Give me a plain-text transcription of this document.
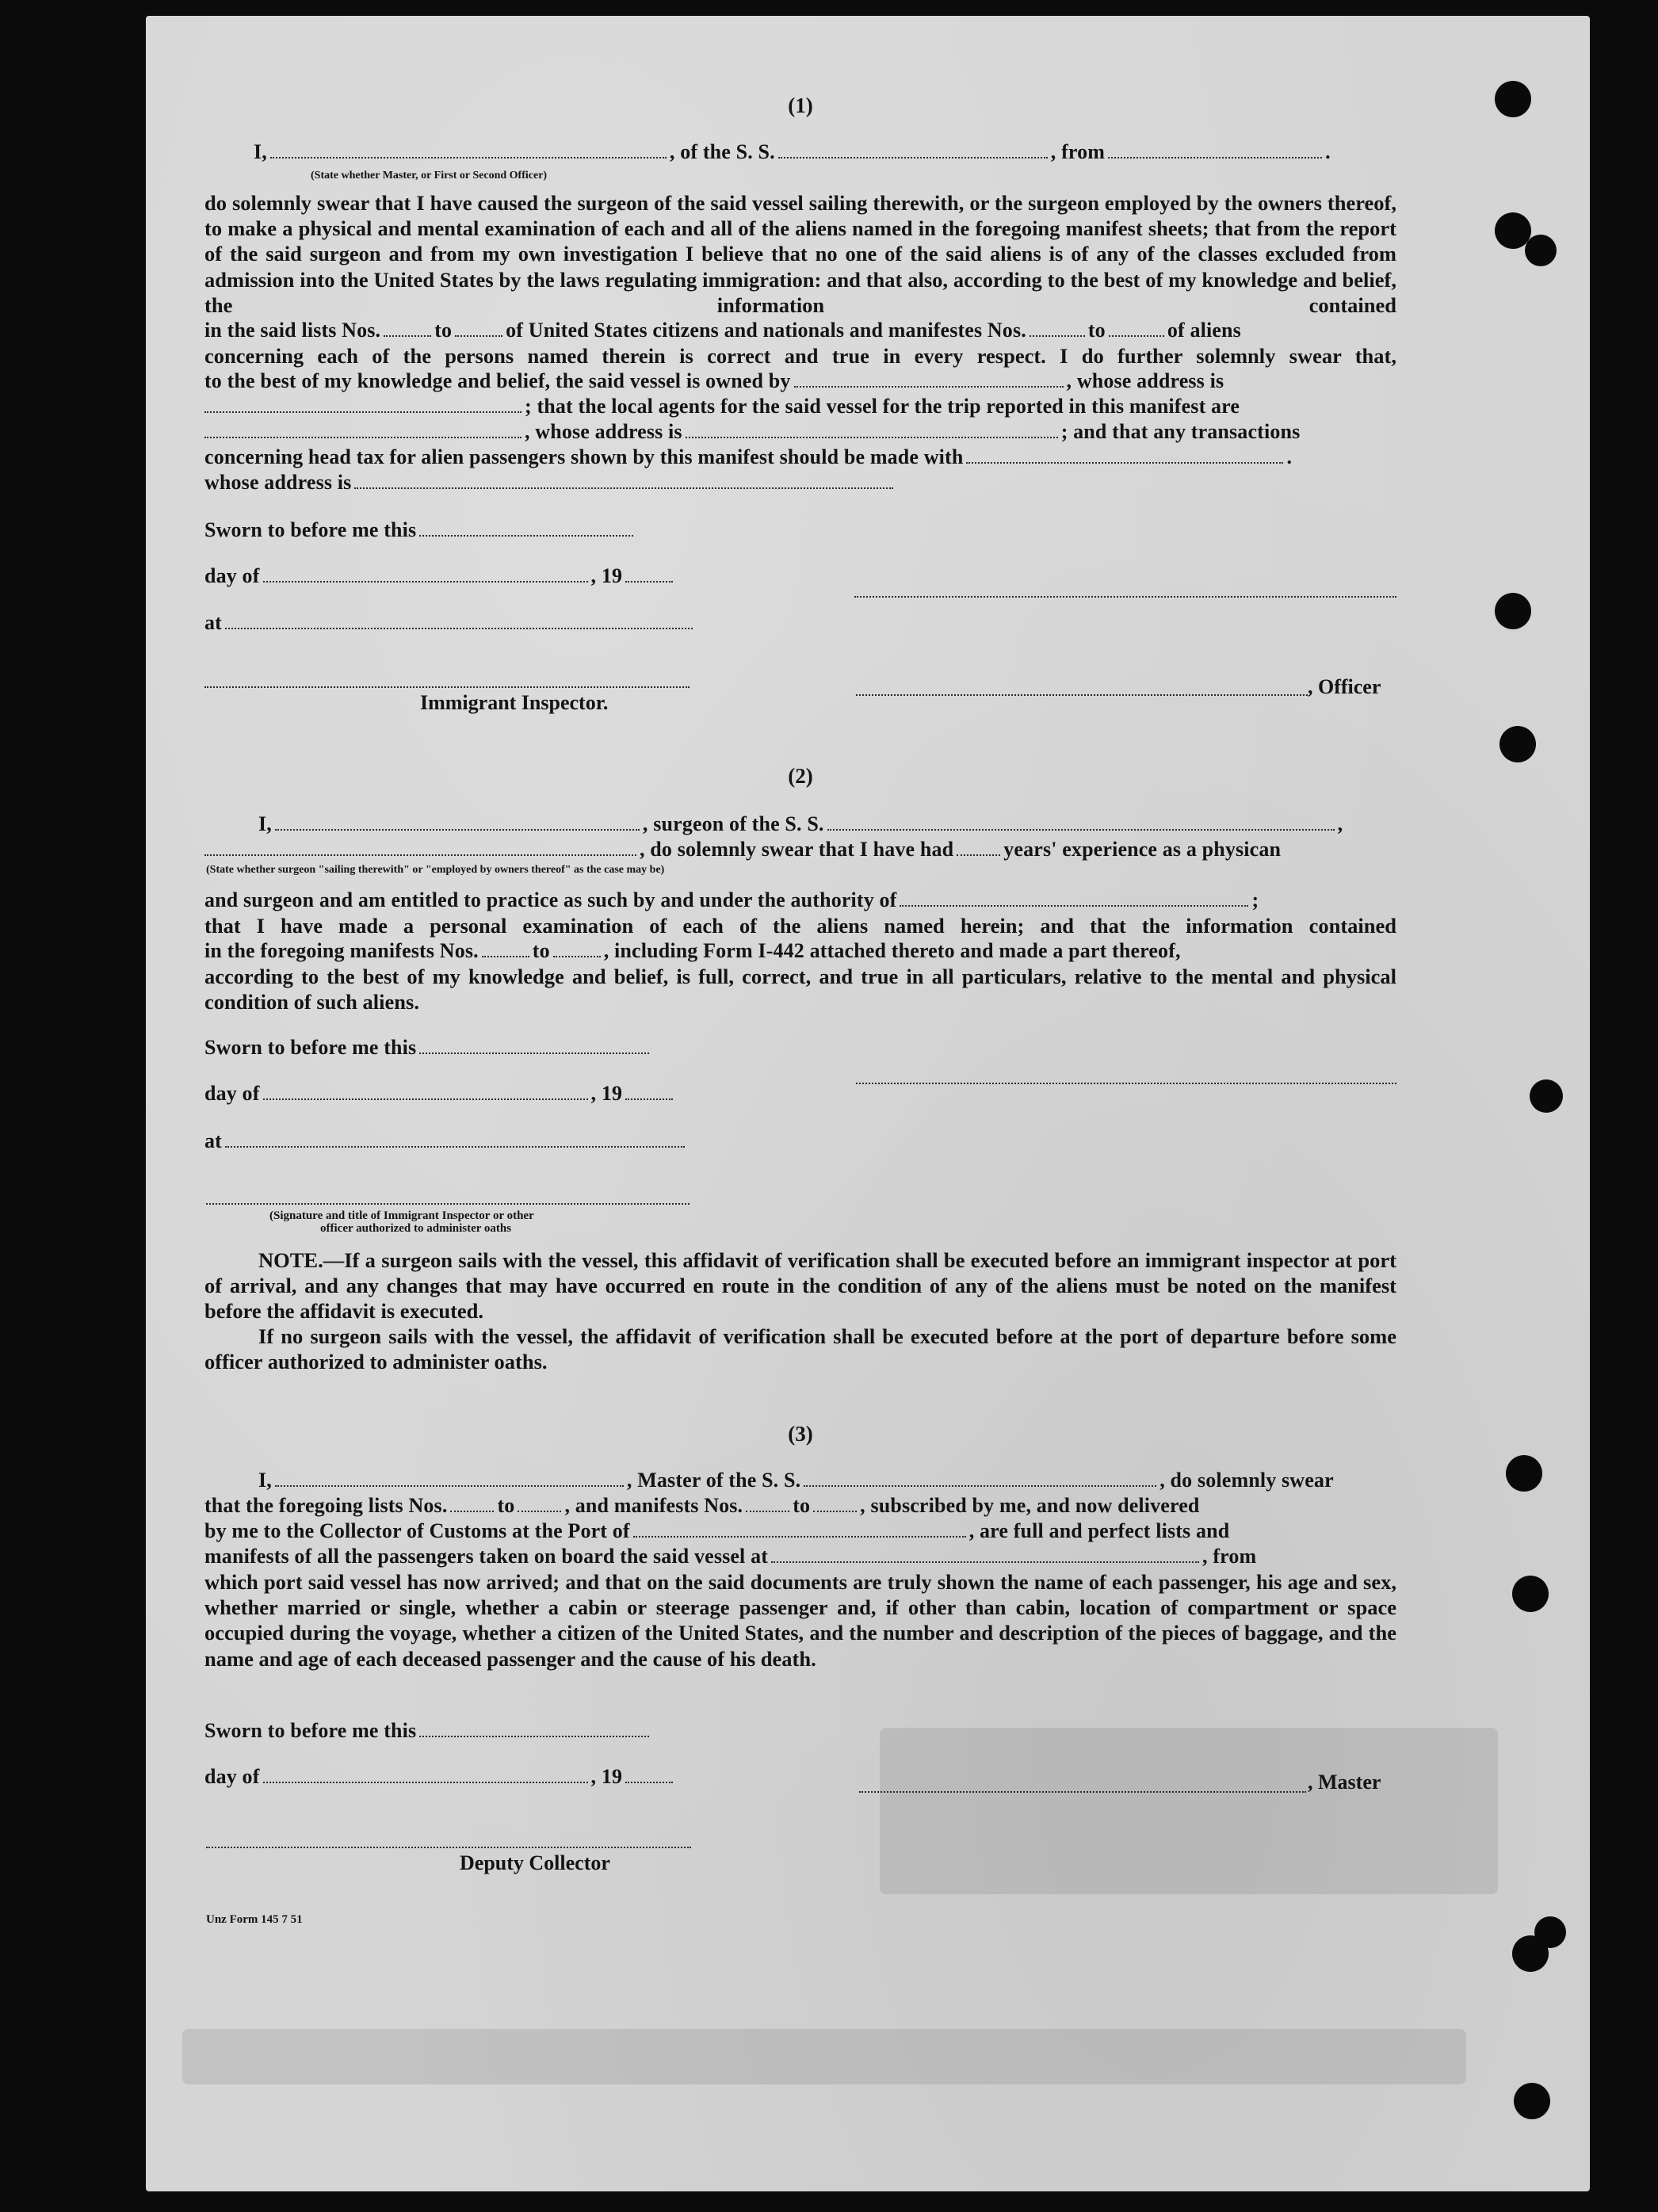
(1)
I,	, of the S. S.	, from	.
(State whether Master, or First or Second Officer)
do solemnly swear that I have caused the surgeon of the said vessel sailing therewith, or the surgeon employed by the owners thereof, to make a physical and mental examination of each and all of the aliens named in the foregoing manifest sheets; that from the report of the said surgeon and from my own investigation I believe that no one of the said aliens is of any of the classes excluded from admission into the United States by the laws regulating immigration: and that also, according to the best of my knowledge and belief, the information contained
in the said lists Nos.	to	of United States citizens and nationals and manifestes Nos.	to	of aliens
concerning each of the persons named therein is correct and true in every respect. I do further solemnly swear that,
to the best of my knowledge and belief, the said vessel is owned by	, whose address is
; that the local agents for the said vessel for the trip reported in this manifest are
, whose address is	; and that any transactions
concerning head tax for alien passengers shown by this manifest should be made with	.
whose address is
Sworn to before me this
day of	, 19
at
, Officer
Immigrant Inspector.
(2)
I,	, surgeon of the S. S.	,
, do solemnly swear that I have had years' experience as a physican
(State whether surgeon "sailing therewith" or "employed by owners thereof" as the case may be)
and surgeon and am entitled to practice as such by and under the authority of	;
that I have made a personal examination of each of the aliens named herein; and that the information contained
in the foregoing manifests Nos.	to	, including Form I-442 attached thereto and made a part thereof,
according to the best of my knowledge and belief, is full, correct, and true in all particulars, relative to the mental and physical condition of such aliens.
Sworn to before me this
day of	, 19
at
(Signature and title of Immigrant Inspector or other
officer authorized to administer oaths
NOTE.—If a surgeon sails with the vessel, this affidavit of verification shall be executed before an immigrant inspector at port of arrival, and any changes that may have occurred en route in the condition of any of the aliens must be noted on the manifest before the affidavit is executed.
If no surgeon sails with the vessel, the affidavit of verification shall be executed before at the port of departure before some officer authorized to administer oaths.
(3)
I,	, Master of the S. S.	, do solemnly swear
that the foregoing lists Nos. to , and manifests Nos. to , subscribed by me, and now delivered
by me to the Collector of Customs at the Port of	, are full and perfect lists and
manifests of all the passengers taken on board the said vessel at	, from
which port said vessel has now arrived; and that on the said documents are truly shown the name of each passenger, his age and sex, whether married or single, whether a cabin or steerage passenger and, if other than cabin, location of compartment or space occupied during the voyage, whether a citizen of the United States, and the number and description of the pieces of baggage, and the name and age of each deceased passenger and the cause of his death.
Sworn to before me this
day of	, 19	, Master
Deputy Collector
Unz Form 145 7 51
